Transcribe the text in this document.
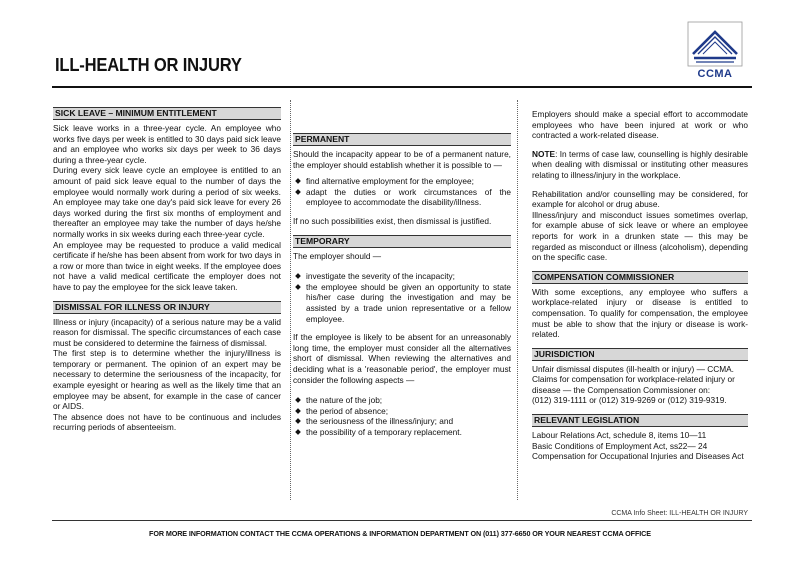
ILL-HEALTH OR INJURY	CCMA
SICK LEAVE – MINIMUM ENTITLEMENT

Sick leave works in a three-year cycle. An employee who works five days per week is entitled to 30 days paid sick leave and an employee who works six days per week to 36 days during a three-year cycle.

During every sick leave cycle an employee is entitled to an amount of paid sick leave equal to the number of days the employee would normally work during a period of six weeks. An employee may take one day's paid sick leave for every 26 days worked during the first six months of employment and thereafter an employee may take the number of days he/she normally works in six weeks during each three-year cycle.

An employee may be requested to produce a valid medical certificate if he/she has been absent from work for two days in a row or more than twice in eight weeks. If the employee does not have a valid medical certificate the employer does not have to pay the employee for the sick leave taken.

DISMISSAL FOR ILLNESS OR INJURY

Illness or injury (incapacity) of a serious nature may be a valid reason for dismissal. The specific circumstances of each case must be considered to determine the fairness of dismissal.

The first step is to determine whether the injury/illness is temporary or permanent. The opinion of an expert may be necessary to determine the seriousness of the incapacity, for example eyesight or hearing as well as the likely time that an employee may be absent, for example in the case of cancer or AIDS.

The absence does not have to be continuous and includes recurring periods of absenteeism.

PERMANENT

Should the incapacity appear to be of a permanent nature, the employer should establish whether it is possible to —

find alternative employment for the employee;
adapt the duties or work circumstances of the employee to accommodate the disability/illness.

If no such possibilities exist, then dismissal is justified.

TEMPORARY

The employer should —

investigate the severity of the incapacity;
the employee should be given an opportunity to state his/her case during the investigation and may be assisted by a trade union representative or a fellow employee.

If the employee is likely to be absent for an unreasonably long time, the employer must consider all the alternatives short of dismissal. When reviewing the alternatives and deciding what is a 'reasonable period', the employer must consider the following aspects —

the nature of the job;
the period of absence;
the seriousness of the illness/injury; and
the possibility of a temporary replacement.

Employers should make a special effort to accommodate employees who have been injured at work or who contracted a work-related disease.

NOTE: In terms of case law, counselling is highly desirable when dealing with dismissal or instituting other measures relating to illness/injury in the workplace.

Rehabilitation and/or counselling may be considered, for example for alcohol or drug abuse.

Illness/injury and misconduct issues sometimes overlap, for example abuse of sick leave or where an employee reports for work in a drunken state — this may be regarded as misconduct or illness (alcoholism), depending on the specific case.

COMPENSATION COMMISSIONER

With some exceptions, any employee who suffers a workplace-related injury or disease is entitled to compensation. To qualify for compensation, the employee must be able to show that the injury or disease is work-related.

JURISDICTION

Unfair dismissal disputes (ill-health or injury) — CCMA.

Claims for compensation for workplace-related injury or disease — the Compensation Commissioner on:

(012) 319-1111 or (012) 319-9269 or (012) 319-9319.

RELEVANT LEGISLATION

Labour Relations Act, schedule 8, items 10—11

Basic Conditions of Employment Act, ss22— 24

Compensation for Occupational Injuries and Diseases Act

CCMA Info Sheet: ILL-HEALTH OR INJURY
FOR MORE INFORMATION CONTACT THE CCMA OPERATIONS & INFORMATION DEPARTMENT ON (011) 377-6650 OR YOUR NEAREST CCMA OFFICE
